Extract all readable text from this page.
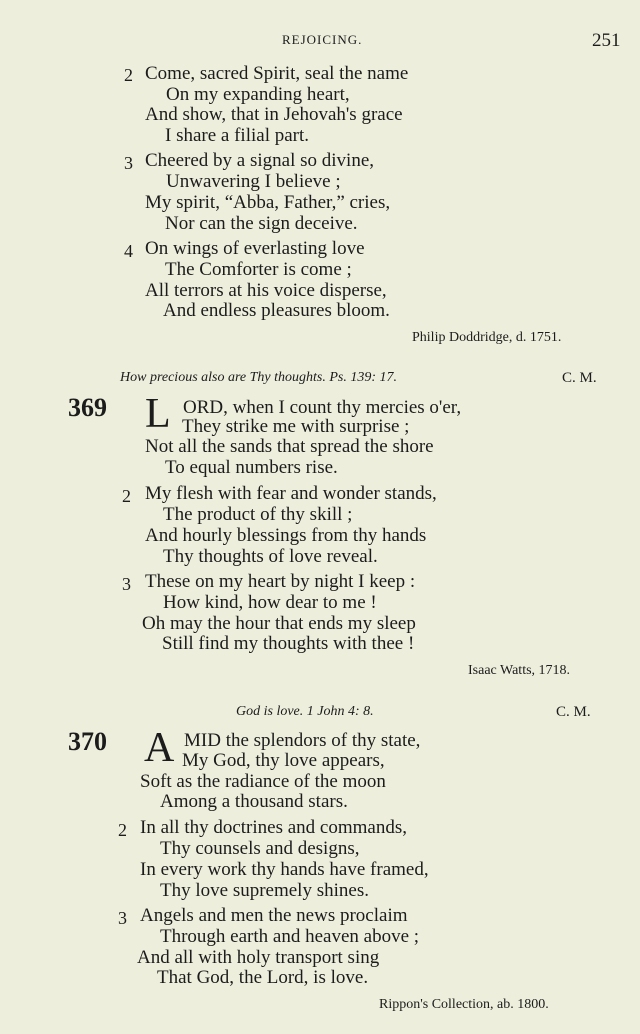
REJOICING.	251
2 Come, sacred Spirit, seal the name
On my expanding heart,
And show, that in Jehovah's grace
I share a filial part.
3 Cheered by a signal so divine,
Unwavering I believe ;
My spirit, “Abba, Father,” cries,
Nor can the sign deceive.
4 On wings of everlasting love
The Comforter is come ;
All terrors at his voice disperse,
And endless pleasures bloom.
Philip Doddridge, d. 1751.
How precious also are Thy thoughts. Ps. 139: 17.	C. M.
369 L ORD, when I count thy mercies o'er,
They strike me with surprise ;
Not all the sands that spread the shore
To equal numbers rise.
2 My flesh with fear and wonder stands,
The product of thy skill ;
And hourly blessings from thy hands
Thy thoughts of love reveal.
3 These on my heart by night I keep :
How kind, how dear to me !
Oh may the hour that ends my sleep
Still find my thoughts with thee !
Isaac Watts, 1718.
God is love. 1 John 4: 8.	C. M.
370 A MID the splendors of thy state,
My God, thy love appears,
Soft as the radiance of the moon
Among a thousand stars.
2 In all thy doctrines and commands,
Thy counsels and designs,
In every work thy hands have framed,
Thy love supremely shines.
3 Angels and men the news proclaim
Through earth and heaven above ;
And all with holy transport sing
That God, the Lord, is love.
Rippon's Collection, ab. 1800.
